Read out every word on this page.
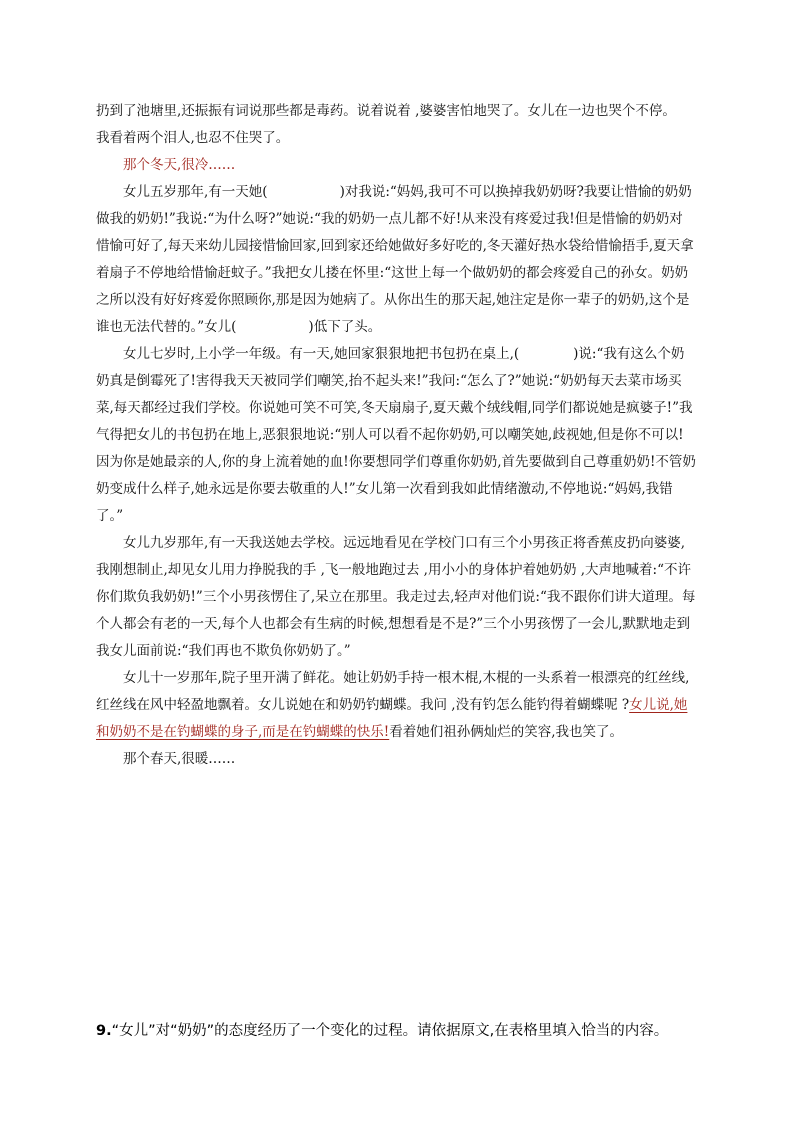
扔到了池塘里,还振振有词说那些都是毒药。说着说着 ,婆婆害怕地哭了。女儿在一边也哭个不停。

我看着两个泪人,也忍不住哭了。

那个冬天,很冷……

女儿五岁那年,有一天她(	)对我说:“妈妈,我可不可以换掉我奶奶呀?我要让惜愉的奶奶做我的奶奶!”我说:“为什么呀?”她说:“我的奶奶一点儿都不好!从来没有疼爱过我!但是惜愉的奶奶对惜愉可好了,每天来幼儿园接惜愉回家,回到家还给她做好多好吃的,冬天灌好热水袋给惜愉捂手,夏天拿着扇子不停地给惜愉赶蚊子。”我把女儿搂在怀里:“这世上每一个做奶奶的都会疼爱自己的孙女。奶奶之所以没有好好疼爱你照顾你,那是因为她病了。从你出生的那天起,她注定是你一辈子的奶奶,这个是谁也无法代替的。”女儿(	)低下了头。

女儿七岁时,上小学一年级。有一天,她回家狠狠地把书包扔在桌上,(	)说:“我有这么个奶奶真是倒霉死了!害得我天天被同学们嘲笑,抬不起头来!”我问:“怎么了?”她说:“奶奶每天去菜市场买菜,每天都经过我们学校。你说她可笑不可笑,冬天扇扇子,夏天戴个绒线帽,同学们都说她是疯婆子!”我气得把女儿的书包扔在地上,恶狠狠地说:“别人可以看不起你奶奶,可以嘲笑她,歧视她,但是你不可以!因为你是她最亲的人,你的身上流着她的血!你要想同学们尊重你奶奶,首先要做到自己尊重奶奶!不管奶奶变成什么样子,她永远是你要去敬重的人!”女儿第一次看到我如此情绪激动,不停地说:“妈妈,我错了。”

女儿九岁那年,有一天我送她去学校。远远地看见在学校门口有三个小男孩正将香蕉皮扔向婆婆,我刚想制止,却见女儿用力挣脱我的手 ,飞一般地跑过去 ,用小小的身体护着她奶奶 ,大声地喊着:“不许你们欺负我奶奶!”三个小男孩愣住了,呆立在那里。我走过去,轻声对他们说:“我不跟你们讲大道理。每个人都会有老的一天,每个人也都会有生病的时候,想想看是不是?”三个小男孩愣了一会儿,默默地走到我女儿面前说:“我们再也不欺负你奶奶了。”

女儿十一岁那年,院子里开满了鲜花。她让奶奶手持一根木棍,木棍的一头系着一根漂亮的红丝线,红丝线在风中轻盈地飘着。女儿说她在和奶奶钓蝴蝶。我问 ,没有钓怎么能钓得着蝴蝶呢 ?女儿说,她和奶奶不是在钓蝴蝶的身子,而是在钓蝴蝶的快乐!看着她们祖孙俩灿烂的笑容,我也笑了。

那个春天,很暖……

9.“女儿”对“奶奶”的态度经历了一个变化的过程。请依据原文,在表格里填入恰当的内容。
